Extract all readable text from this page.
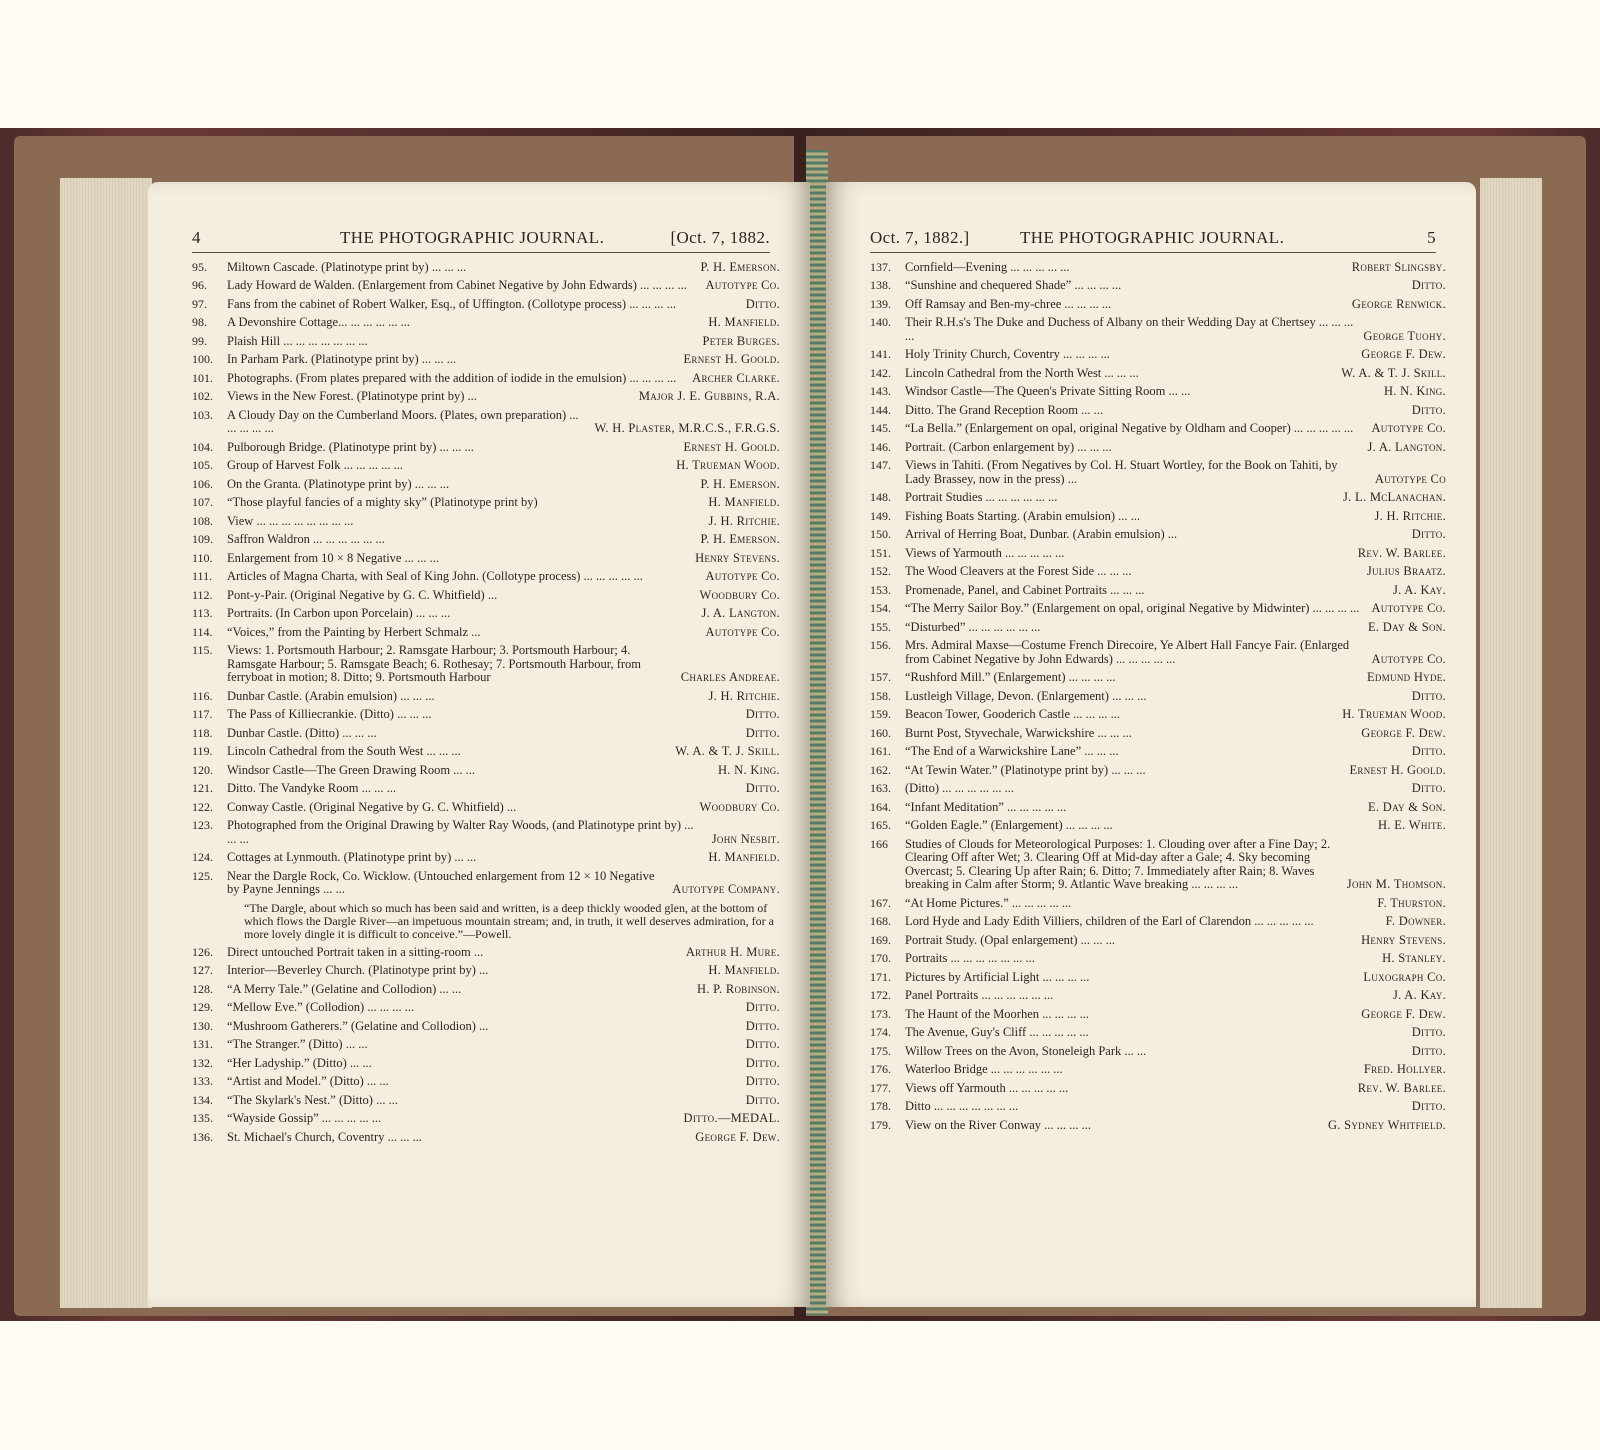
4	THE PHOTOGRAPHIC JOURNAL.	[Oct. 7, 1882.
95.	Miltown Cascade. (Platinotype print by) ... ... ...	P. H. Emerson.
96.	Lady Howard de Walden. (Enlargement from Cabinet Negative by John Edwards) ... ... ... ...	Autotype Co.
97.	Fans from the cabinet of Robert Walker, Esq., of Uffington. (Collotype process) ... ... ... ...	Ditto.
98.	A Devonshire Cottage... ... ... ... ... ...	H. Manfield.
99.	Plaish Hill ... ... ... ... ... ... ...	Peter Burges.
100.	In Parham Park. (Platinotype print by) ... ... ...	Ernest H. Goold.
101.	Photographs. (From plates prepared with the addition of iodide in the emulsion) ... ... ... ...	Archer Clarke.
102.	Views in the New Forest. (Platinotype print by) ...	Major J. E. Gubbins, R.A.
103.	A Cloudy Day on the Cumberland Moors. (Plates, own preparation) ... ... ... ... ...	W. H. Plaster, M.R.C.S., F.R.G.S.
104.	Pulborough Bridge. (Platinotype print by) ... ... ...	Ernest H. Goold.
105.	Group of Harvest Folk ... ... ... ... ...	H. Trueman Wood.
106.	On the Granta. (Platinotype print by) ... ... ...	P. H. Emerson.
107.	“Those playful fancies of a mighty sky” (Platinotype print by)	H. Manfield.
108.	View ... ... ... ... ... ... ... ...	J. H. Ritchie.
109.	Saffron Waldron ... ... ... ... ... ...	P. H. Emerson.
110.	Enlargement from 10 × 8 Negative ... ... ...	Henry Stevens.
111.	Articles of Magna Charta, with Seal of King John. (Collotype process) ... ... ... ... ...	Autotype Co.
112.	Pont-y-Pair. (Original Negative by G. C. Whitfield) ...	Woodbury Co.
113.	Portraits. (In Carbon upon Porcelain) ... ... ...	J. A. Langton.
114.	“Voices,” from the Painting by Herbert Schmalz ...	Autotype Co.
115.	Views: 1. Portsmouth Harbour; 2. Ramsgate Harbour; 3. Portsmouth Harbour; 4. Ramsgate Harbour; 5. Ramsgate Beach; 6. Rothesay; 7. Portsmouth Harbour, from ferryboat in motion; 8. Ditto; 9. Portsmouth Harbour	Charles Andreae.
116.	Dunbar Castle. (Arabin emulsion) ... ... ...	J. H. Ritchie.
117.	The Pass of Killiecrankie. (Ditto) ... ... ...	Ditto.
118.	Dunbar Castle. (Ditto) ... ... ...	Ditto.
119.	Lincoln Cathedral from the South West ... ... ...	W. A. & T. J. Skill.
120.	Windsor Castle—The Green Drawing Room ... ...	H. N. King.
121.	Ditto. The Vandyke Room ... ... ...	Ditto.
122.	Conway Castle. (Original Negative by G. C. Whitfield) ...	Woodbury Co.
123.	Photographed from the Original Drawing by Walter Ray Woods, (and Platinotype print by) ... ... ...	John Nesbit.
124.	Cottages at Lynmouth. (Platinotype print by) ... ...	H. Manfield.
125.	Near the Dargle Rock, Co. Wicklow. (Untouched enlargement from 12 × 10 Negative by Payne Jennings ... ...	Autotype Company.
“The Dargle, about which so much has been said and written, is a deep thickly wooded glen, at the bottom of which flows the Dargle River—an impetuous mountain stream; and, in truth, it well deserves admiration, for a more lovely dingle it is difficult to conceive.”—Powell.
126.	Direct untouched Portrait taken in a sitting-room ...	Arthur H. Mure.
127.	Interior—Beverley Church. (Platinotype print by) ...	H. Manfield.
128.	“A Merry Tale.” (Gelatine and Collodion) ... ...	H. P. Robinson.
129.	“Mellow Eve.” (Collodion) ... ... ... ...	Ditto.
130.	“Mushroom Gatherers.” (Gelatine and Collodion) ...	Ditto.
131.	“The Stranger.” (Ditto) ... ...	Ditto.
132.	“Her Ladyship.” (Ditto) ... ...	Ditto.
133.	“Artist and Model.” (Ditto) ... ...	Ditto.
134.	“The Skylark's Nest.” (Ditto) ... ...	Ditto.
135.	“Wayside Gossip” ... ... ... ... ...	Ditto.—MEDAL.
136.	St. Michael's Church, Coventry ... ... ...	George F. Dew.
Oct. 7, 1882.]	THE PHOTOGRAPHIC JOURNAL.	5
137.	Cornfield—Evening ... ... ... ... ...	Robert Slingsby.
138.	“Sunshine and chequered Shade” ... ... ... ...	Ditto.
139.	Off Ramsay and Ben-my-chree ... ... ... ...	George Renwick.
140.	Their R.H.s's The Duke and Duchess of Albany on their Wedding Day at Chertsey ... ... ... ...	George Tuohy.
141.	Holy Trinity Church, Coventry ... ... ... ...	George F. Dew.
142.	Lincoln Cathedral from the North West ... ... ...	W. A. & T. J. Skill.
143.	Windsor Castle—The Queen's Private Sitting Room ... ...	H. N. King.
144.	Ditto. The Grand Reception Room ... ...	Ditto.
145.	“La Bella.” (Enlargement on opal, original Negative by Oldham and Cooper) ... ... ... ... ...	Autotype Co.
146.	Portrait. (Carbon enlargement by) ... ... ...	J. A. Langton.
147.	Views in Tahiti. (From Negatives by Col. H. Stuart Wortley, for the Book on Tahiti, by Lady Brassey, now in the press) ...	Autotype Co
148.	Portrait Studies ... ... ... ... ... ...	J. L. McLanachan.
149.	Fishing Boats Starting. (Arabin emulsion) ... ...	J. H. Ritchie.
150.	Arrival of Herring Boat, Dunbar. (Arabin emulsion) ...	Ditto.
151.	Views of Yarmouth ... ... ... ... ...	Rev. W. Barlee.
152.	The Wood Cleavers at the Forest Side ... ... ...	Julius Braatz.
153.	Promenade, Panel, and Cabinet Portraits ... ... ...	J. A. Kay.
154.	“The Merry Sailor Boy.” (Enlargement on opal, original Negative by Midwinter) ... ... ... ... Autotype Co.
155.	“Disturbed” ... ... ... ... ... ...	E. Day & Son.
156.	Mrs. Admiral Maxse—Costume French Direcoire, Ye Albert Hall Fancye Fair. (Enlarged from Cabinet Negative by John Edwards) ... ... ... ... ...	Autotype Co.
157.	“Rushford Mill.” (Enlargement) ... ... ... ...	Edmund Hyde.
158.	Lustleigh Village, Devon. (Enlargement) ... ... ...	Ditto.
159.	Beacon Tower, Gooderich Castle ... ... ... ...	H. Trueman Wood.
160.	Burnt Post, Styvechale, Warwickshire ... ... ...	George F. Dew.
161.	“The End of a Warwickshire Lane” ... ... ...	Ditto.
162.	“At Tewin Water.” (Platinotype print by) ... ... ...	Ernest H. Goold.
163.	(Ditto) ... ... ... ... ... ...	Ditto.
164.	“Infant Meditation” ... ... ... ... ...	E. Day & Son.
165.	“Golden Eagle.” (Enlargement) ... ... ... ...	H. E. White.
166	Studies of Clouds for Meteorological Purposes: 1. Clouding over after a Fine Day; 2. Clearing Off after Wet; 3. Clearing Off at Mid-day after a Gale; 4. Sky becoming Overcast; 5. Clearing Up after Rain; 6. Ditto; 7. Immediately after Rain; 8. Waves breaking in Calm after Storm; 9. Atlantic Wave breaking ... ... ... ...	John M. Thomson.
167.	“At Home Pictures.” ... ... ... ... ...	F. Thurston.
168.	Lord Hyde and Lady Edith Villiers, children of the Earl of Clarendon ... ... ... ... ...	F. Downer.
169.	Portrait Study. (Opal enlargement) ... ... ...	Henry Stevens.
170.	Portraits ... ... ... ... ... ... ...	H. Stanley.
171.	Pictures by Artificial Light ... ... ... ...	Luxograph Co.
172.	Panel Portraits ... ... ... ... ... ...	J. A. Kay.
173.	The Haunt of the Moorhen ... ... ... ...	George F. Dew.
174.	The Avenue, Guy's Cliff ... ... ... ... ...	Ditto.
175.	Willow Trees on the Avon, Stoneleigh Park ... ...	Ditto.
176.	Waterloo Bridge ... ... ... ... ... ...	Fred. Hollyer.
177.	Views off Yarmouth ... ... ... ... ...	Rev. W. Barlee.
178.	Ditto ... ... ... ... ... ... ...	Ditto.
179.	View on the River Conway ... ... ... ...	G. Sydney Whitfield.
